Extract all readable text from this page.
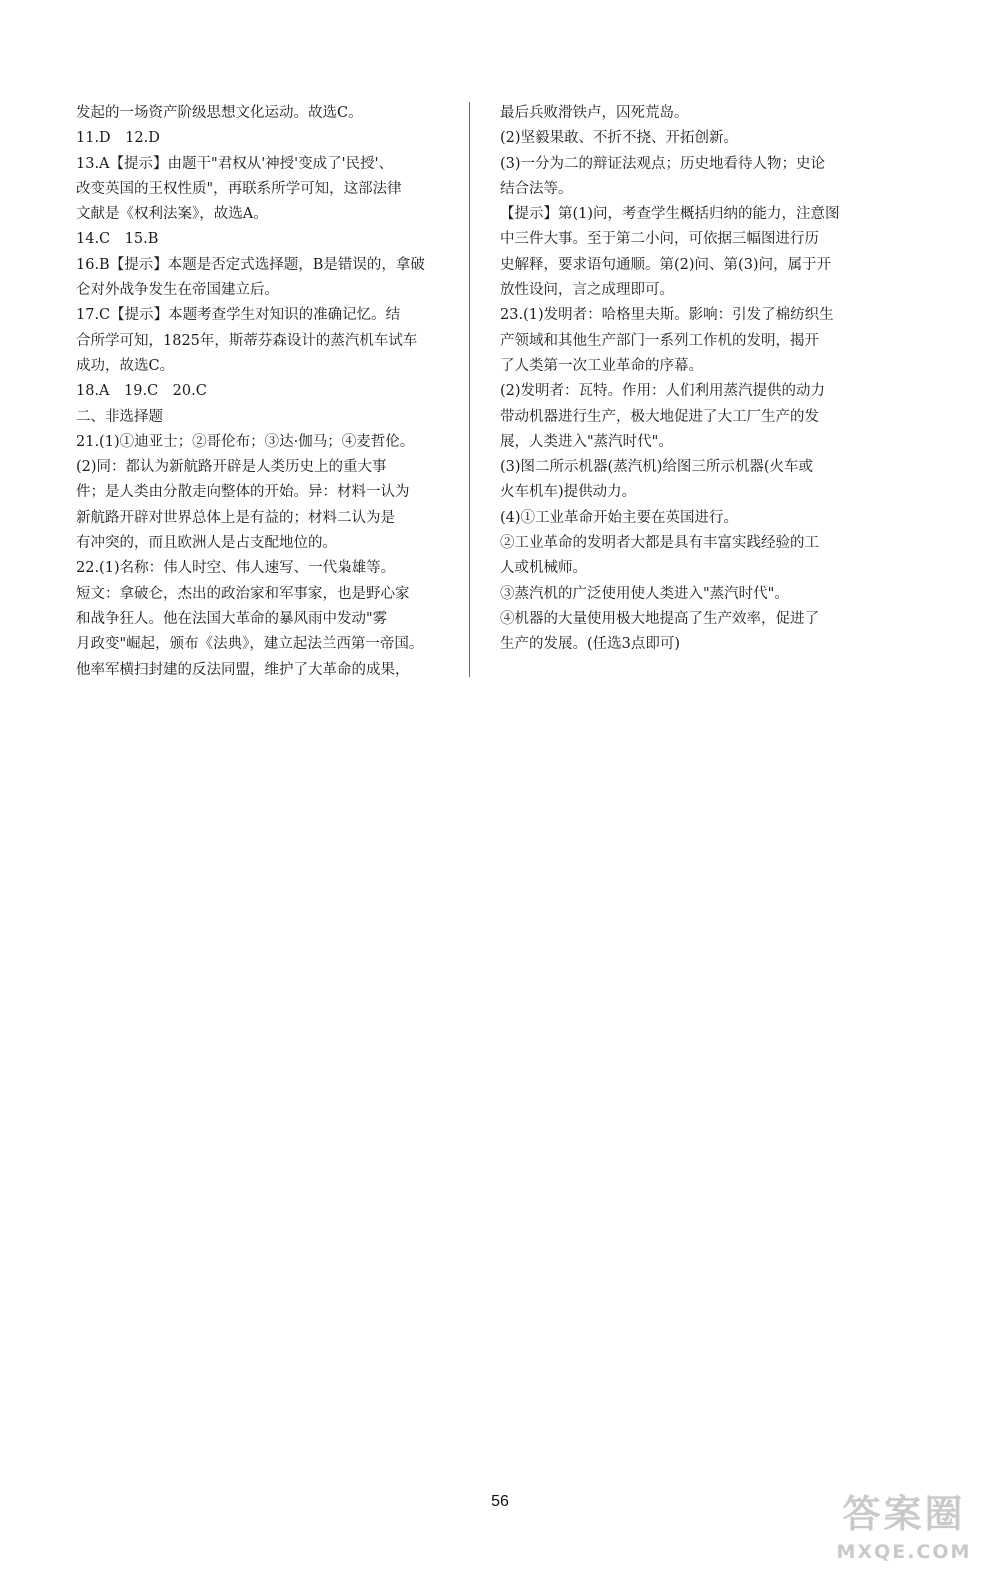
发起的一场资产阶级思想文化运动。故选C。
11.D　12.D
13.A【提示】由题干"君权从'神授'变成了'民授'、
改变英国的王权性质"，再联系所学可知，这部法律
文献是《权利法案》，故选A。
14.C　15.B
16.B【提示】本题是否定式选择题，B是错误的，拿破
仑对外战争发生在帝国建立后。
17.C【提示】本题考查学生对知识的准确记忆。结
合所学可知，1825年，斯蒂芬森设计的蒸汽机车试车
成功，故选C。
18.A　19.C　20.C
二、非选择题
21.(1)①迪亚士；②哥伦布；③达·伽马；④麦哲伦。
(2)同：都认为新航路开辟是人类历史上的重大事
件；是人类由分散走向整体的开始。异：材料一认为
新航路开辟对世界总体上是有益的；材料二认为是
有冲突的，而且欧洲人是占支配地位的。
22.(1)名称：伟人时空、伟人速写、一代枭雄等。
短文：拿破仑，杰出的政治家和军事家，也是野心家
和战争狂人。他在法国大革命的暴风雨中发动"雾
月政变"崛起，颁布《法典》，建立起法兰西第一帝国。
他率军横扫封建的反法同盟，维护了大革命的成果，
最后兵败滑铁卢，囚死荒岛。
(2)坚毅果敢、不折不挠、开拓创新。
(3)一分为二的辩证法观点；历史地看待人物；史论
结合法等。
【提示】第(1)问，考查学生概括归纳的能力，注意图
中三件大事。至于第二小问，可依据三幅图进行历
史解释，要求语句通顺。第(2)问、第(3)问，属于开
放性设问，言之成理即可。
23.(1)发明者：哈格里夫斯。影响：引发了棉纺织生
产领域和其他生产部门一系列工作机的发明，揭开
了人类第一次工业革命的序幕。
(2)发明者：瓦特。作用：人们利用蒸汽提供的动力
带动机器进行生产，极大地促进了大工厂生产的发
展，人类进入"蒸汽时代"。
(3)图二所示机器(蒸汽机)给图三所示机器(火车或
火车机车)提供动力。
(4)①工业革命开始主要在英国进行。
②工业革命的发明者大都是具有丰富实践经验的工
人或机械师。
③蒸汽机的广泛使用使人类进入"蒸汽时代"。
④机器的大量使用极大地提高了生产效率，促进了
生产的发展。(任选3点即可)
56	答案圈
MXQE.COM
